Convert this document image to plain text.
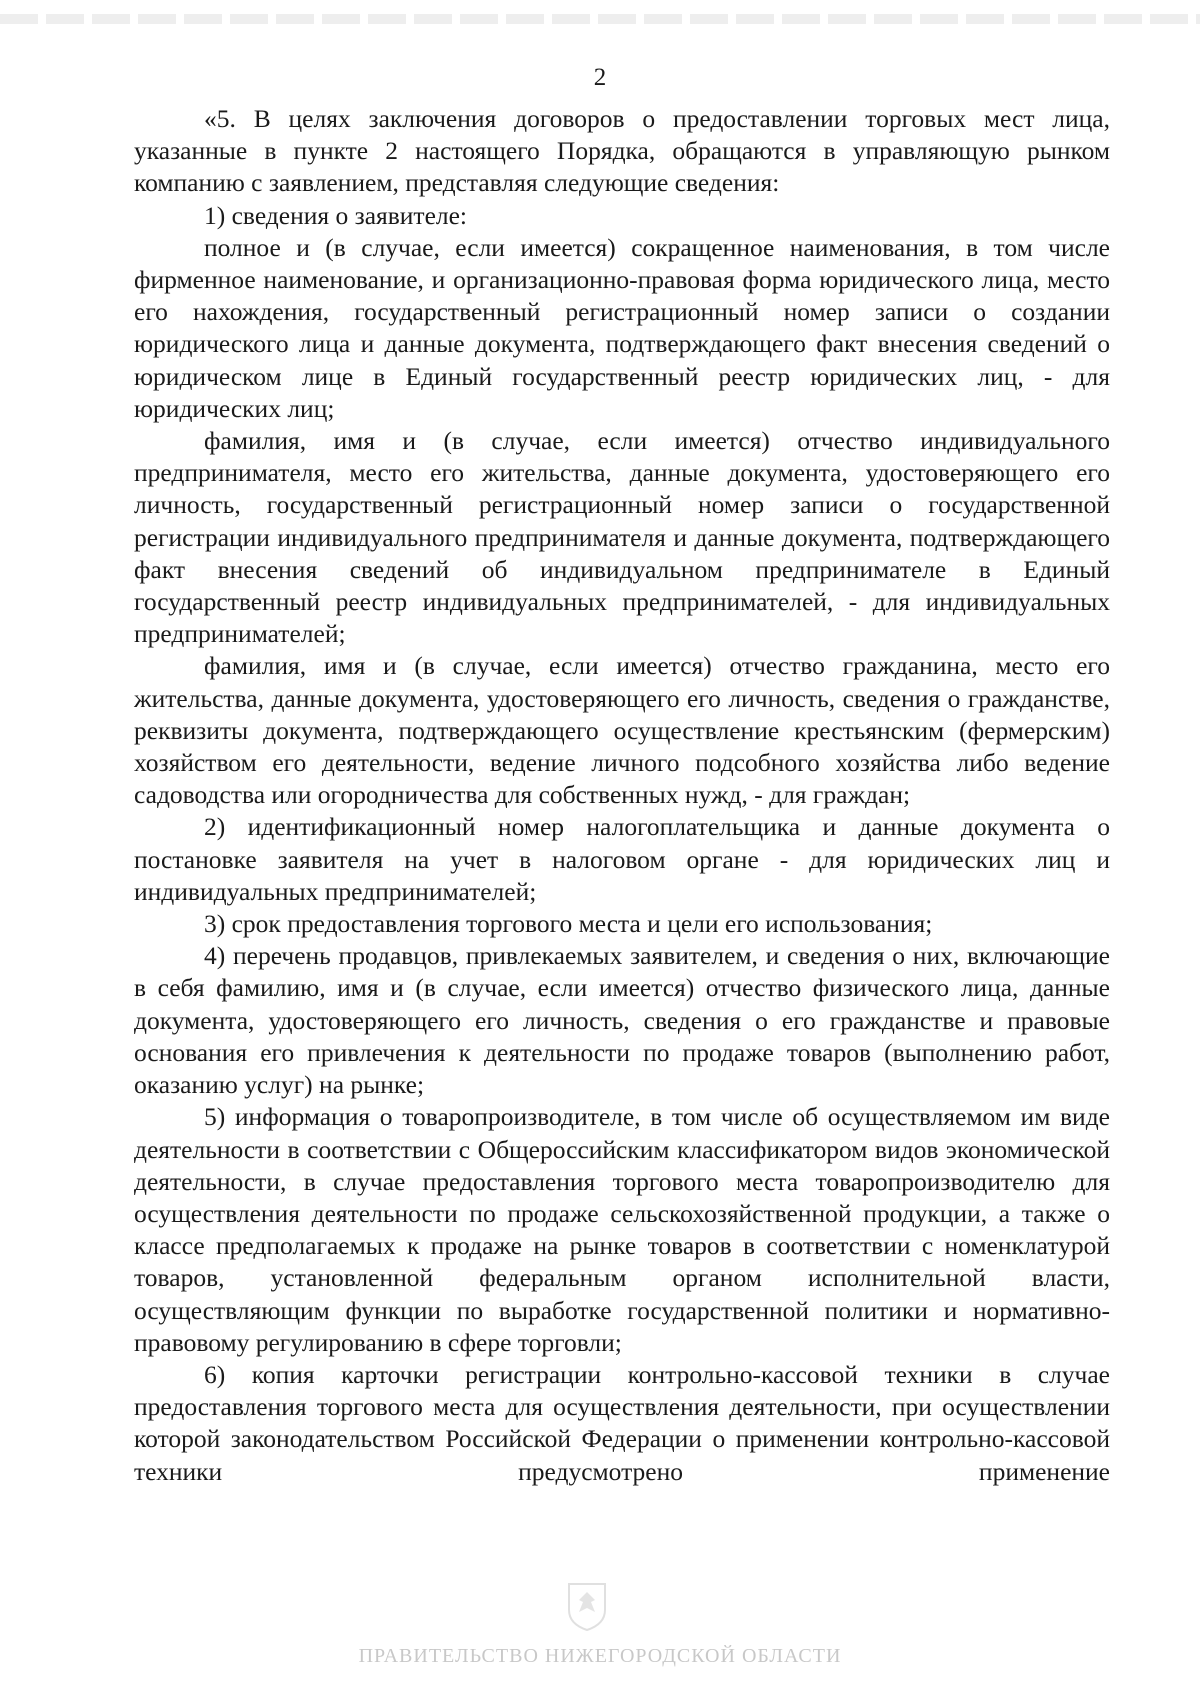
2

«5. В целях заключения договоров о предоставлении торговых мест лица, указанные в пункте 2 настоящего Порядка, обращаются в управляющую рынком компанию с заявлением, представляя следующие сведения:

1) сведения о заявителе:

полное и (в случае, если имеется) сокращенное наименования, в том числе фирменное наименование, и организационно-правовая форма юридического лица, место его нахождения, государственный регистрационный номер записи о создании юридического лица и данные документа, подтверждающего факт внесения сведений о юридическом лице в Единый государственный реестр юридических лиц, - для юридических лиц;

фамилия, имя и (в случае, если имеется) отчество индивидуального предпринимателя, место его жительства, данные документа, удостоверяющего его личность, государственный регистрационный номер записи о государственной регистрации индивидуального предпринимателя и данные документа, подтверждающего факт внесения сведений об индивидуальном предпринимателе в Единый государственный реестр индивидуальных предпринимателей, - для индивидуальных предпринимателей;

фамилия, имя и (в случае, если имеется) отчество гражданина, место его жительства, данные документа, удостоверяющего его личность, сведения о гражданстве, реквизиты документа, подтверждающего осуществление крестьянским (фермерским) хозяйством его деятельности, ведение личного подсобного хозяйства либо ведение садоводства или огородничества для собственных нужд, - для граждан;

2) идентификационный номер налогоплательщика и данные документа о постановке заявителя на учет в налоговом органе - для юридических лиц и индивидуальных предпринимателей;

3) срок предоставления торгового места и цели его использования;

4) перечень продавцов, привлекаемых заявителем, и сведения о них, включающие в себя фамилию, имя и (в случае, если имеется) отчество физического лица, данные документа, удостоверяющего его личность, сведения о его гражданстве и правовые основания его привлечения к деятельности по продаже товаров (выполнению работ, оказанию услуг) на рынке;

5) информация о товаропроизводителе, в том числе об осуществляемом им виде деятельности в соответствии с Общероссийским классификатором видов экономической деятельности, в случае предоставления торгового места товаропроизводителю для осуществления деятельности по продаже сельскохозяйственной продукции, а также о классе предполагаемых к продаже на рынке товаров в соответствии с номенклатурой товаров, установленной федеральным органом исполнительной власти, осуществляющим функции по выработке государственной политики и нормативно-правовому регулированию в сфере торговли;

6) копия карточки регистрации контрольно-кассовой техники в случае предоставления торгового места для осуществления деятельности, при осуществлении которой законодательством Российской Федерации о применении контрольно-кассовой техники предусмотрено применение

ПРАВИТЕЛЬСТВО НИЖЕГОРОДСКОЙ ОБЛАСТИ
